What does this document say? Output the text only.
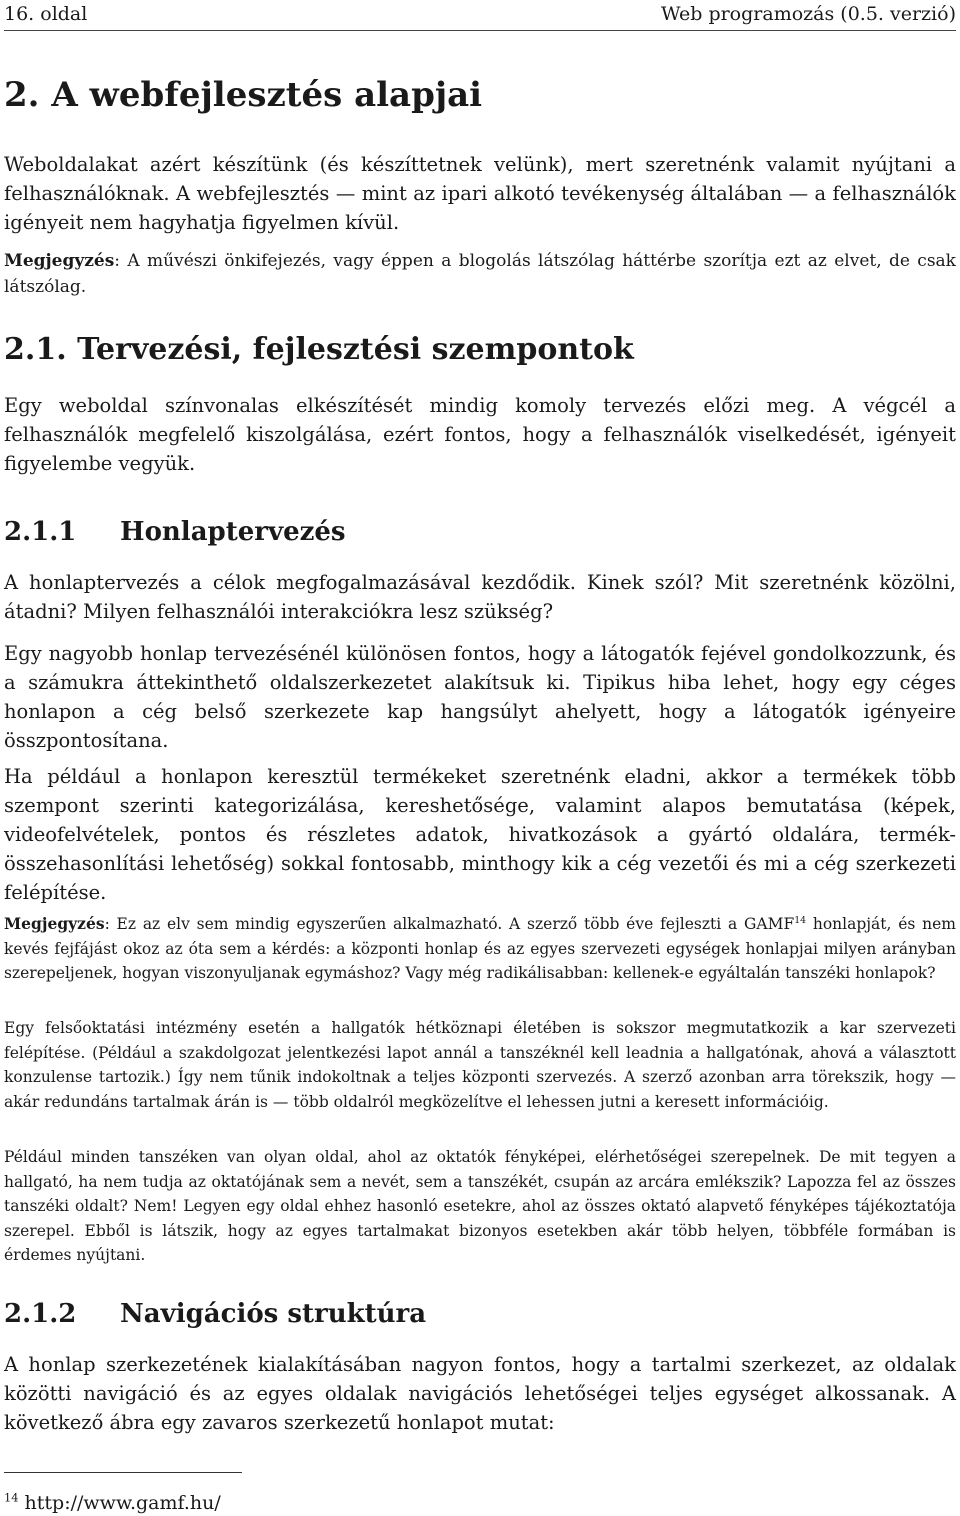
16. oldal	Web programozás (0.5. verzió)
2. A webfejlesztés alapjai

Weboldalakat azért készítünk (és készíttetnek velünk), mert szeretnénk valamit nyújtani a felhasználóknak. A webfejlesztés — mint az ipari alkotó tevékenység általában — a felhasználók igényeit nem hagyhatja figyelmen kívül.

Megjegyzés: A művészi önkifejezés, vagy éppen a blogolás látszólag háttérbe szorítja ezt az elvet, de csak látszólag.

2.1. Tervezési, fejlesztési szempontok

Egy weboldal színvonalas elkészítését mindig komoly tervezés előzi meg. A végcél a felhasználók megfelelő kiszolgálása, ezért fontos, hogy a felhasználók viselkedését, igényeit figyelembe vegyük.

2.1.1 Honlaptervezés

A honlaptervezés a célok megfogalmazásával kezdődik. Kinek szól? Mit szeretnénk közölni, átadni? Milyen felhasználói interakciókra lesz szükség?

Egy nagyobb honlap tervezésénél különösen fontos, hogy a látogatók fejével gondolkozzunk, és a számukra áttekinthető oldalszerkezetet alakítsuk ki. Tipikus hiba lehet, hogy egy céges honlapon a cég belső szerkezete kap hangsúlyt ahelyett, hogy a látogatók igényeire összpontosítana.

Ha például a honlapon keresztül termékeket szeretnénk eladni, akkor a termékek több szempont szerinti kategorizálása, kereshetősége, valamint alapos bemutatása (képek, videofelvételek, pontos és részletes adatok, hivatkozások a gyártó oldalára, termék-összehasonlítási lehetőség) sokkal fontosabb, minthogy kik a cég vezetői és mi a cég szerkezeti felépítése.

Megjegyzés: Ez az elv sem mindig egyszerűen alkalmazható. A szerző több éve fejleszti a GAMF$^{14}$ honlapját, és nem kevés fejfájást okoz az óta sem a kérdés: a központi honlap és az egyes szervezeti egységek honlapjai milyen arányban szerepeljenek, hogyan viszonyuljanak egymáshoz? Vagy még radikálisabban: kellenek-e egyáltalán tanszéki honlapok?

Egy felsőoktatási intézmény esetén a hallgatók hétköznapi életében is sokszor megmutatkozik a kar szervezeti felépítése. (Például a szakdolgozat jelentkezési lapot annál a tanszéknél kell leadnia a hallgatónak, ahová a választott konzulense tartozik.) Így nem tűnik indokoltnak a teljes központi szervezés. A szerző azonban arra törekszik, hogy — akár redundáns tartalmak árán is — több oldalról megközelítve el lehessen jutni a keresett információig.

Például minden tanszéken van olyan oldal, ahol az oktatók fényképei, elérhetőségei szerepelnek. De mit tegyen a hallgató, ha nem tudja az oktatójának sem a nevét, sem a tanszékét, csupán az arcára emlékszik? Lapozza fel az összes tanszéki oldalt? Nem! Legyen egy oldal ehhez hasonló esetekre, ahol az összes oktató alapvető fényképes tájékoztatója szerepel. Ebből is látszik, hogy az egyes tartalmakat bizonyos esetekben akár több helyen, többféle formában is érdemes nyújtani.

2.1.2 Navigációs struktúra

A honlap szerkezetének kialakításában nagyon fontos, hogy a tartalmi szerkezet, az oldalak közötti navigáció és az egyes oldalak navigációs lehetőségei teljes egységet alkossanak. A következő ábra egy zavaros szerkezetű honlapot mutat:

$^{14}$ http://www.gamf.hu/
